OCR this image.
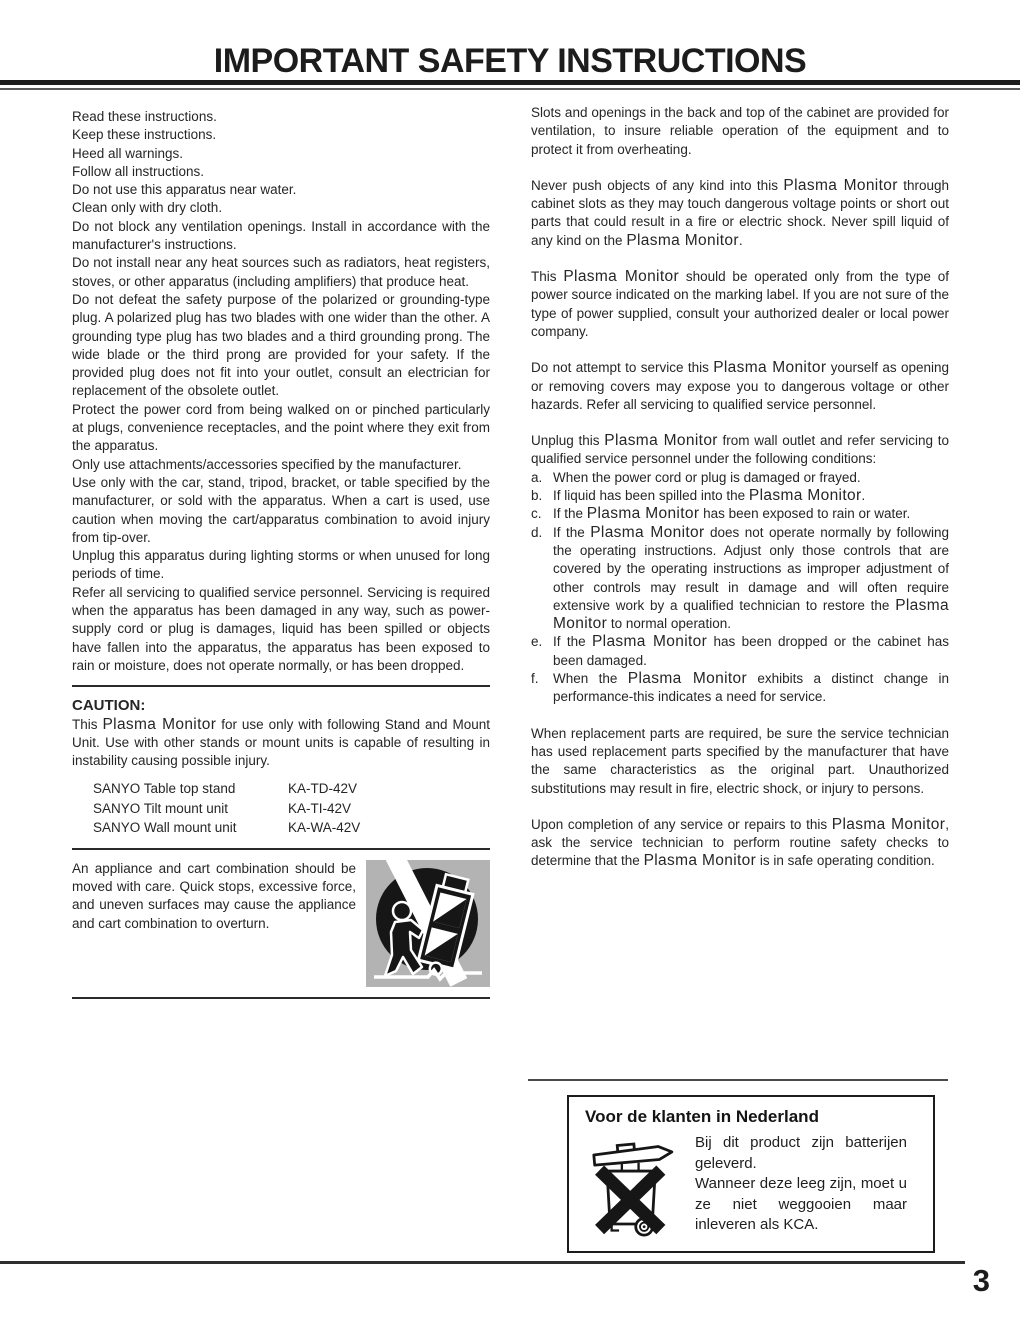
IMPORTANT SAFETY INSTRUCTIONS

Read these instructions.

Keep these instructions.

Heed all warnings.

Follow all instructions.

Do not use this apparatus near water.

Clean only with dry cloth.

Do not block any ventilation openings. Install in accordance with the manufacturer's instructions.

Do not install near any heat sources such as radiators, heat registers, stoves, or other apparatus (including amplifiers) that produce heat.

Do not defeat the safety purpose of the polarized or grounding-type plug. A polarized plug has two blades with one wider than the other. A grounding type plug has two blades and a third grounding prong. The wide blade or the third prong are provided for your safety. If the provided plug does not fit into your outlet, consult an electrician for replacement of the obsolete outlet.

Protect the power cord from being walked on or pinched particularly at plugs, convenience receptacles, and the point where they exit from the apparatus.

Only use attachments/accessories specified by the manufacturer.

Use only with the car, stand, tripod, bracket, or table specified by the manufacturer, or sold with the apparatus. When a cart is used, use caution when moving the cart/apparatus combination to avoid injury from tip-over.

Unplug this apparatus during lighting storms or when unused for long periods of time.

Refer all servicing to qualified service personnel. Servicing is required when the apparatus has been damaged in any way, such as power-supply cord or plug is damages, liquid has been spilled or objects have fallen into the apparatus, the apparatus has been exposed to rain or moisture, does not operate normally, or has been dropped.

CAUTION:

This Plasma Monitor for use only with following Stand and Mount Unit. Use with other stands or mount units is capable of resulting in instability causing possible injury.

SANYO Table top stand	KA-TD-42V
SANYO Tilt mount unit	KA-TI-42V
SANYO Wall mount unit	KA-WA-42V

An appliance and cart combination should be moved with care. Quick stops, excessive force, and uneven surfaces may cause the appliance and cart combination to overturn.

Slots and openings in the back and top of the cabinet are provided for ventilation, to insure reliable operation of the equipment and to protect it from overheating.

Never push objects of any kind into this Plasma Monitor through cabinet slots as they may touch dangerous voltage points or short out parts that could result in a fire or electric shock. Never spill liquid of any kind on the Plasma Monitor.

This Plasma Monitor should be operated only from the type of power source indicated on the marking label. If you are not sure of the type of power supplied, consult your authorized dealer or local power company.

Do not attempt to service this Plasma Monitor yourself as opening or removing covers may expose you to dangerous voltage or other hazards. Refer all servicing to qualified service personnel.

Unplug this Plasma Monitor from wall outlet and refer servicing to qualified service personnel under the following conditions:

a. When the power cord or plug is damaged or frayed.
b. If liquid has been spilled into the Plasma Monitor.
c. If the Plasma Monitor has been exposed to rain or water.
d. If the Plasma Monitor does not operate normally by following the operating instructions. Adjust only those controls that are covered by the operating instructions as improper adjustment of other controls may result in damage and will often require extensive work by a qualified technician to restore the Plasma Monitor to normal operation.
e. If the Plasma Monitor has been dropped or the cabinet has been damaged.
f.	When the Plasma Monitor exhibits a distinct change in performance-this indicates a need for service.

When replacement parts are required, be sure the service technician has used replacement parts specified by the manufacturer that have the same characteristics as the original part. Unauthorized substitutions may result in fire, electric shock, or injury to persons.

Upon completion of any service or repairs to this Plasma Monitor, ask the service technician to perform routine safety checks to determine that the Plasma Monitor is in safe operating condition.

Voor de klanten in Nederland

Bij dit product zijn batterijen geleverd.

Wanneer deze leeg zijn, moet u ze niet weggooien maar inleveren als KCA.

3
